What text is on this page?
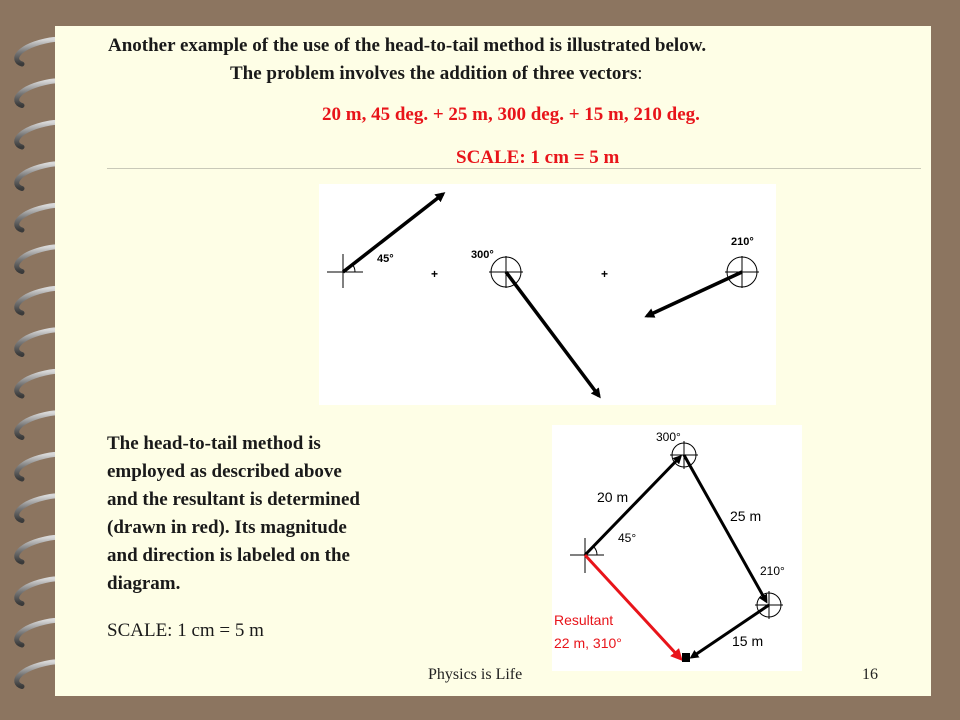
Another example of the use of the head-to-tail method is illustrated below.
The problem involves the addition of three vectors:
20 m, 45 deg. + 25 m, 300 deg. + 15 m, 210 deg.
SCALE: 1 cm = 5 m
45°
+
300°
+
210°
The head-to-tail method is
employed as described above
and the resultant is determined
(drawn in red). Its magnitude
and direction is labeled on the
diagram.
SCALE: 1 cm = 5 m
300°
20 m
25 m
45°
210°
Resultant
22 m, 310°	15 m
Physics is Life	16
